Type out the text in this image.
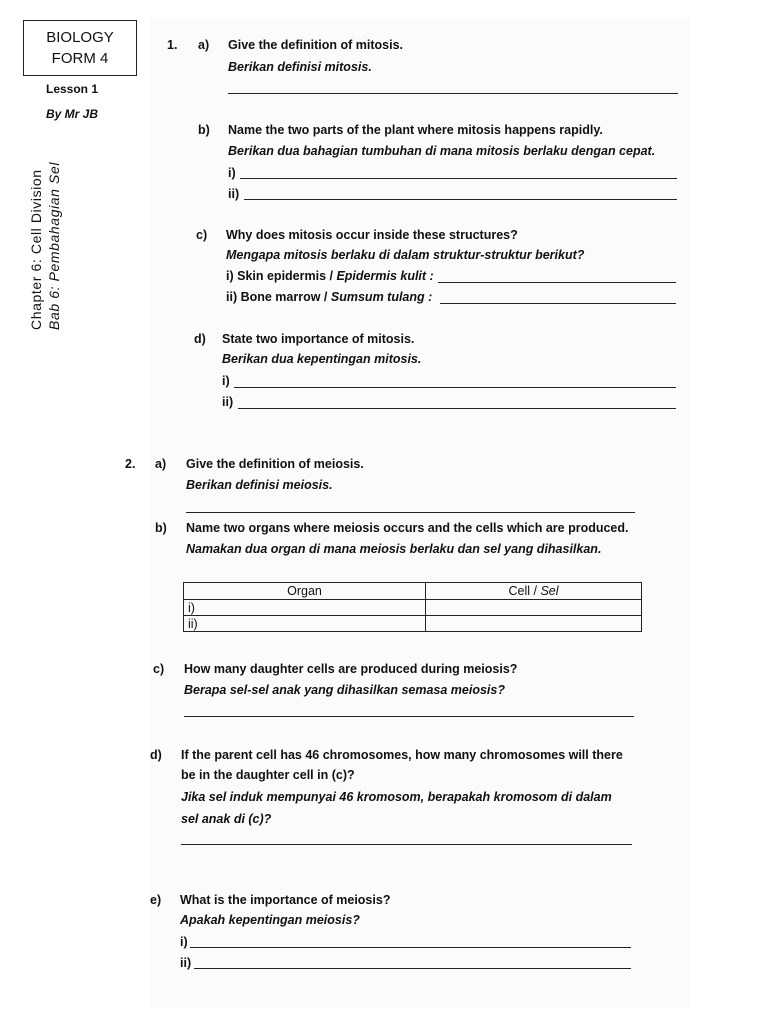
BIOLOGY
FORM 4
Lesson 1
By Mr JB
Chapter 6: Cell Division Bab 6: Pembahagian Sel
1. a) Give the definition of mitosis.
Berikan definisi mitosis.
b) Name the two parts of the plant where mitosis happens rapidly.
Berikan dua bahagian tumbuhan di mana mitosis berlaku dengan cepat.
i)
ii)
c) Why does mitosis occur inside these structures?
Mengapa mitosis berlaku di dalam struktur-struktur berikut?
i) Skin epidermis / Epidermis kulit :
ii) Bone marrow / Sumsum tulang :
d) State two importance of mitosis.
Berikan dua kepentingan mitosis.
i)
ii)
2. a) Give the definition of meiosis.
Berikan definisi meiosis.
b) Name two organs where meiosis occurs and the cells which are produced.
Namakan dua organ di mana meiosis berlaku dan sel yang dihasilkan.
Organ	Cell / Sel
i)	
ii)	
c) How many daughter cells are produced during meiosis?
Berapa sel-sel anak yang dihasilkan semasa meiosis?
d) If the parent cell has 46 chromosomes, how many chromosomes will there
be in the daughter cell in (c)?
Jika sel induk mempunyai 46 kromosom, berapakah kromosom di dalam
sel anak di (c)?
e) What is the importance of meiosis?
Apakah kepentingan meiosis?
i)
ii)
